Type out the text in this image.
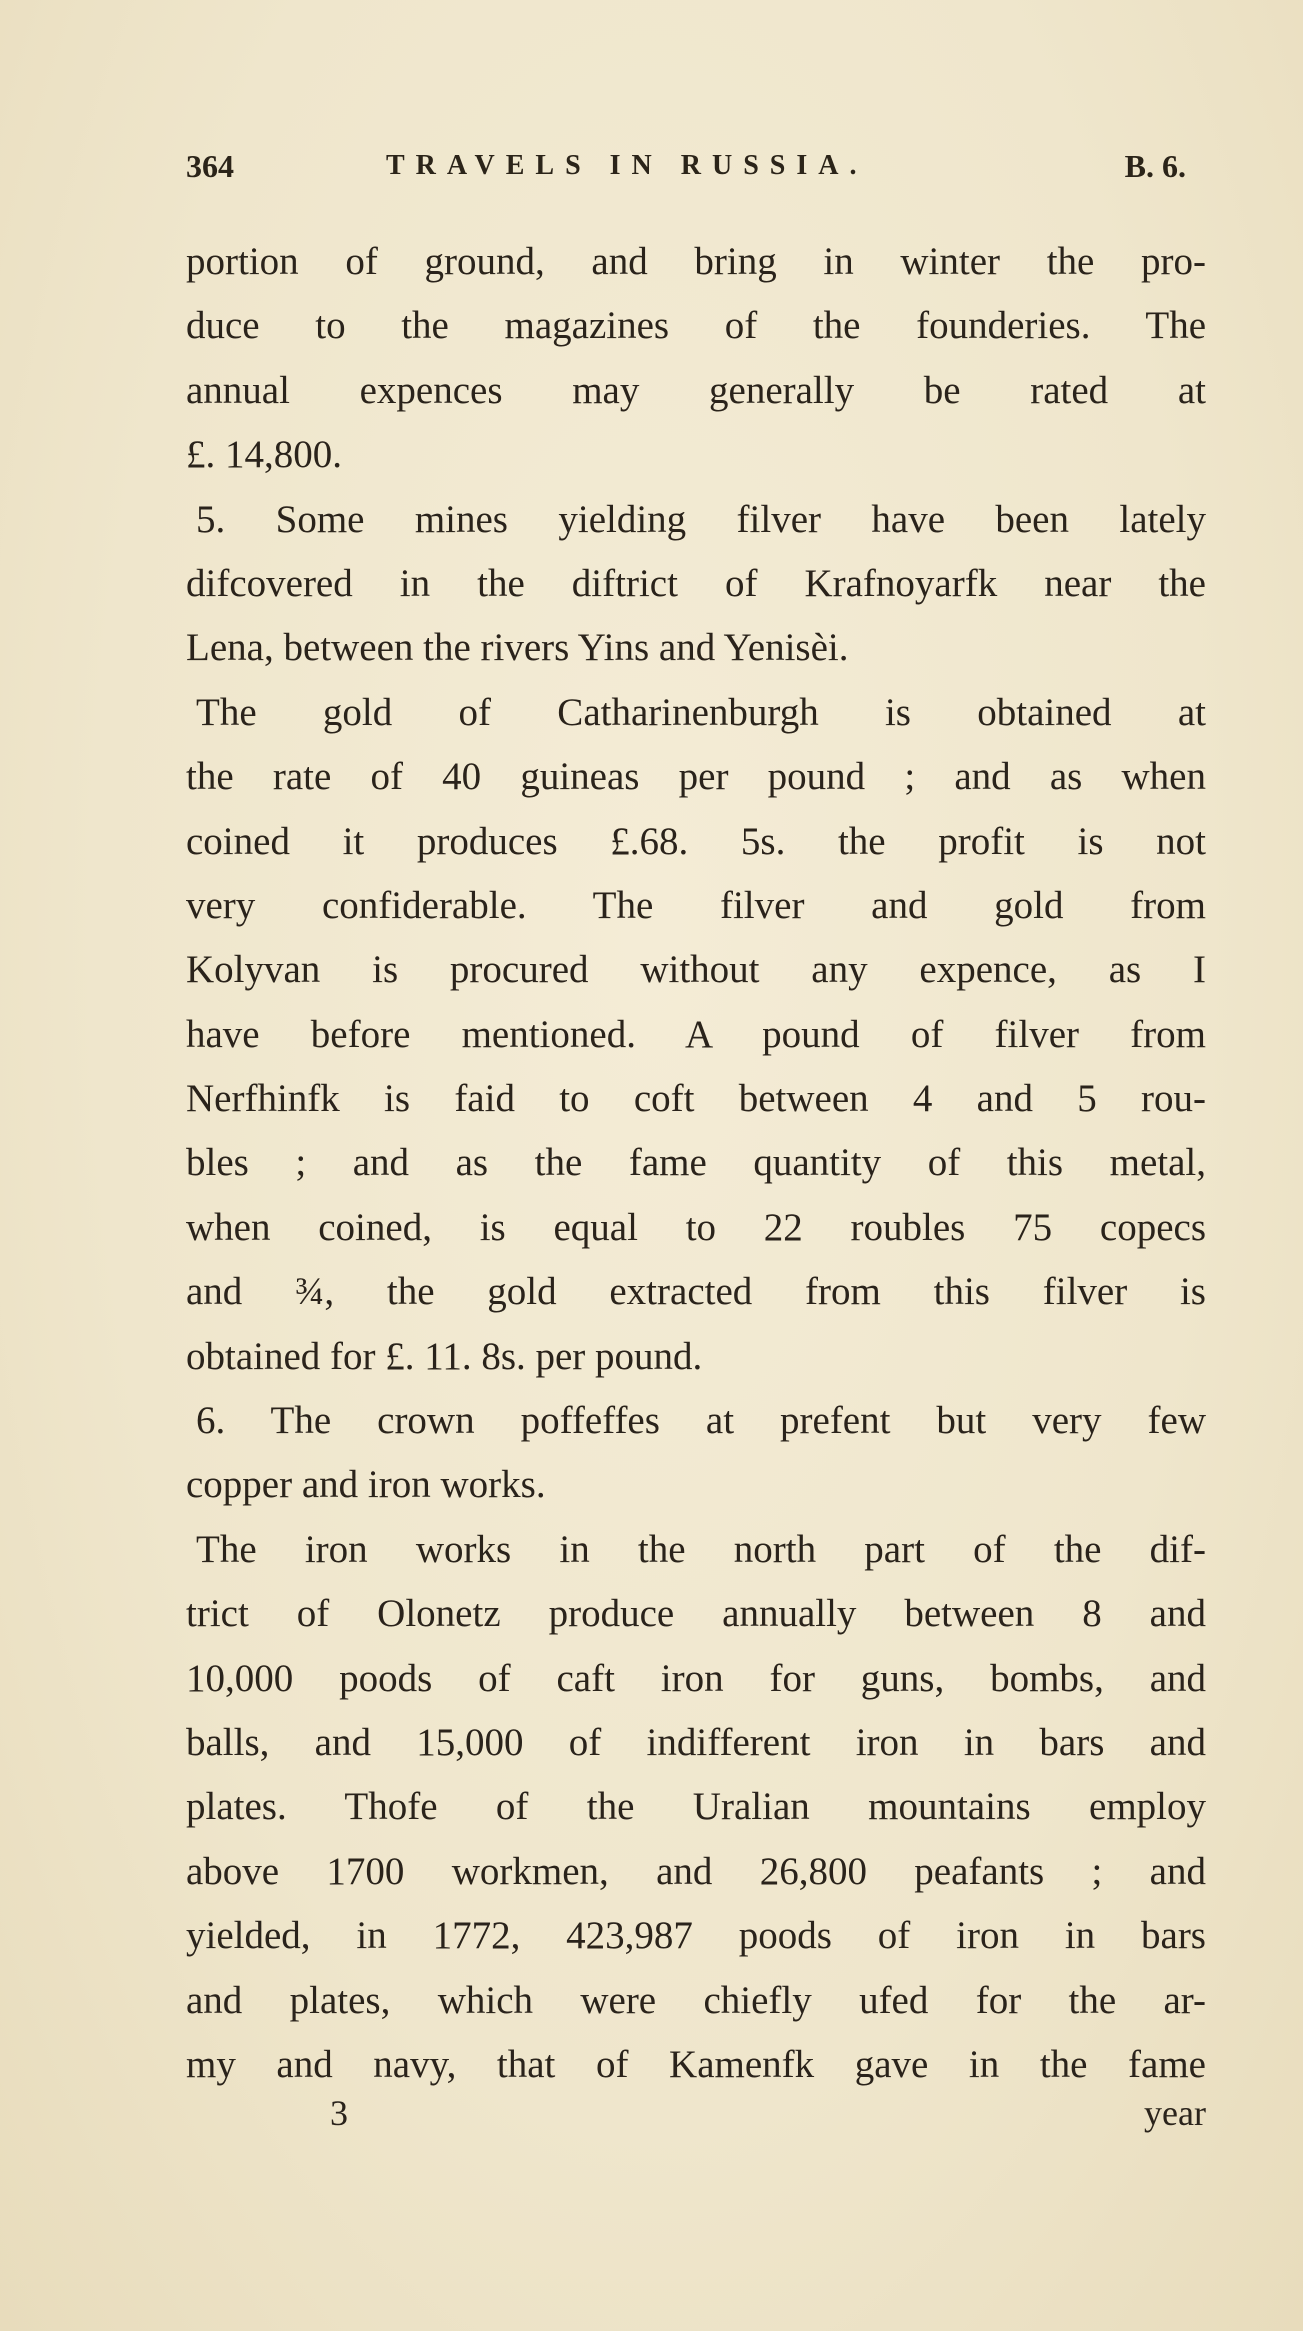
364	TRAVELS IN RUSSIA.	B. 6.
portion of ground, and bring in winter the pro-
duce to the magazines of the founderies. The
annual expences may generally be rated at
£. 14,800.
5. Some mines yielding filver have been lately
difcovered in the diftrict of Krafnoyarfk near the
Lena, between the rivers Yins and Yenisèi.
The gold of Catharinenburgh is obtained at
the rate of 40 guineas per pound ; and as when
coined it produces £.68. 5s. the profit is not
very confiderable. The filver and gold from
Kolyvan is procured without any expence, as I
have before mentioned. A pound of filver from
Nerfhinfk is faid to coft between 4 and 5 rou-
bles ; and as the fame quantity of this metal,
when coined, is equal to 22 roubles 75 copecs
and ¾, the gold extracted from this filver is
obtained for £. 11. 8s. per pound.
6. The crown poffeffes at prefent but very few
copper and iron works.
The iron works in the north part of the dif-
trict of Olonetz produce annually between 8 and
10,000 poods of caft iron for guns, bombs, and
balls, and 15,000 of indifferent iron in bars and
plates. Thofe of the Uralian mountains employ
above 1700 workmen, and 26,800 peafants ; and
yielded, in 1772, 423,987 poods of iron in bars
and plates, which were chiefly ufed for the ar-
my and navy, that of Kamenfk gave in the fame
3	year
